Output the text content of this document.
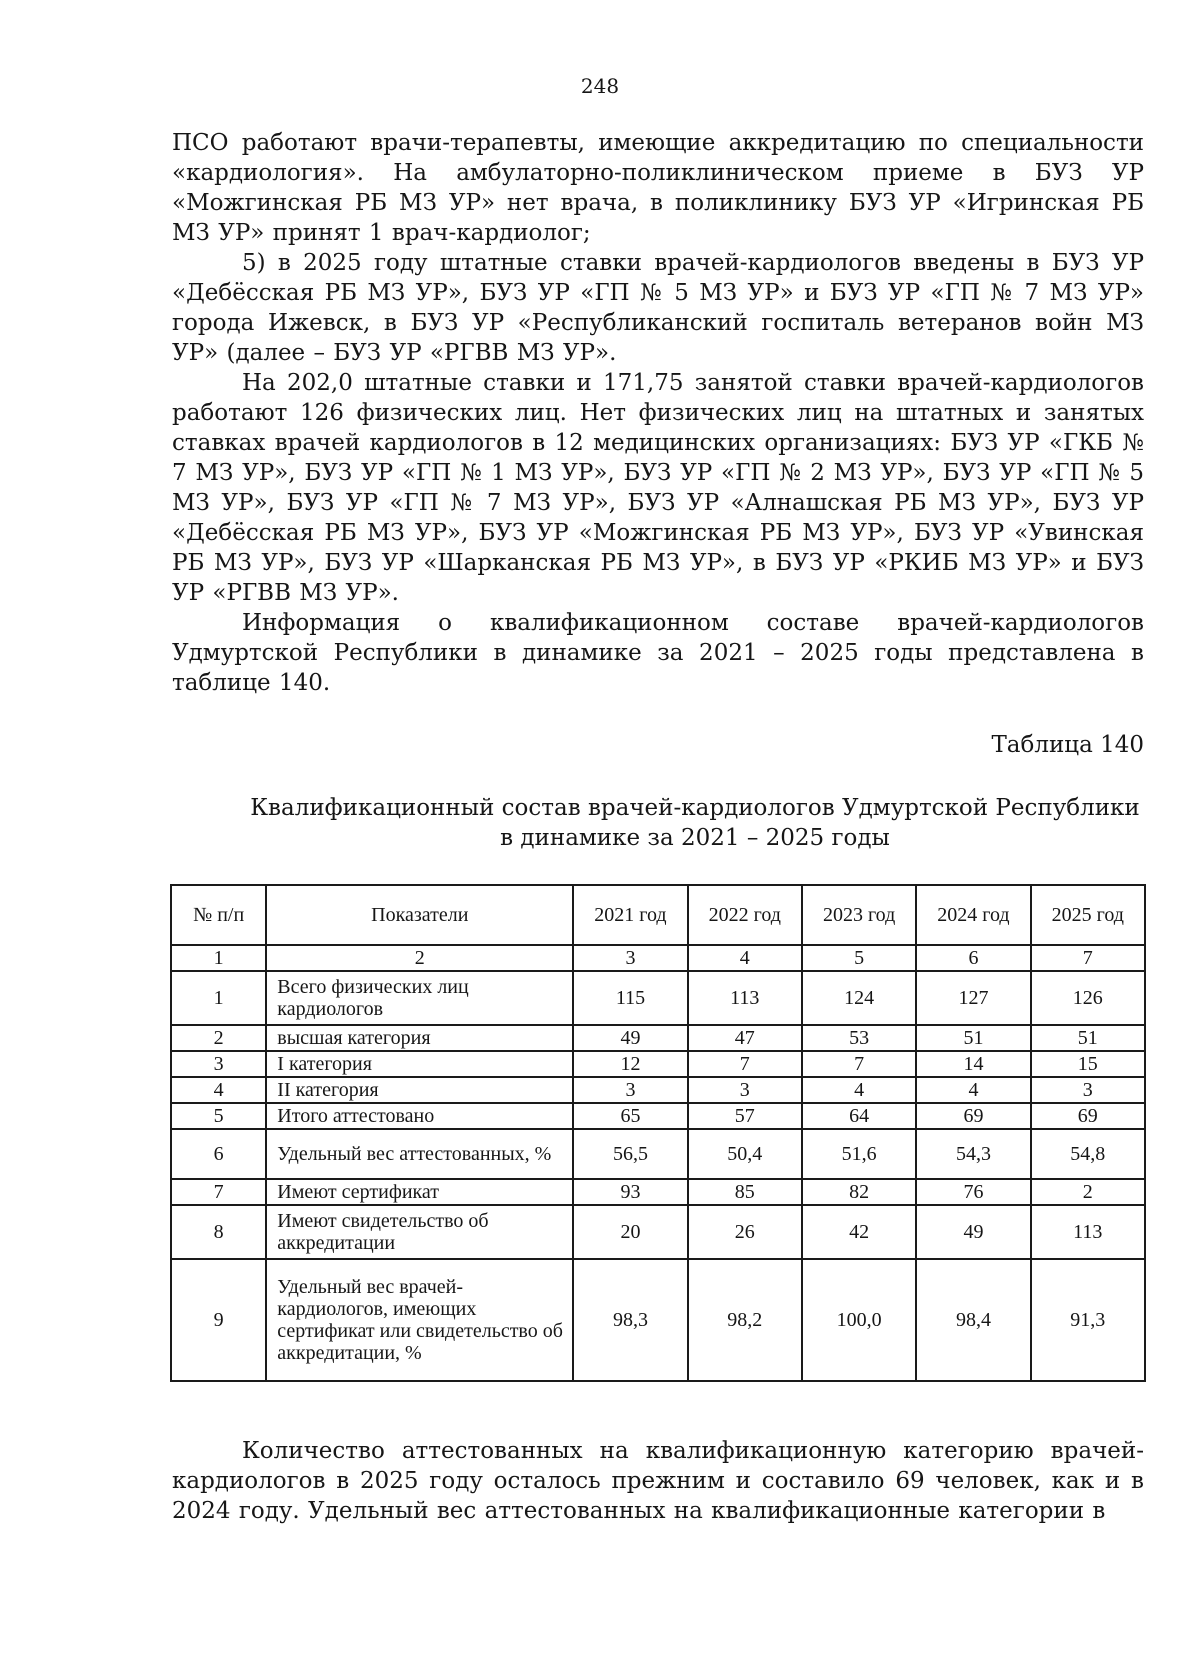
248

ПСО работают врачи-терапевты, имеющие аккредитацию по специальности «кардиология». На амбулаторно-поликлиническом приеме в БУЗ УР «Можгинская РБ МЗ УР» нет врача, в поликлинику БУЗ УР «Игринская РБ МЗ УР» принят 1 врач-кардиолог;

5) в 2025 году штатные ставки врачей-кардиологов введены в БУЗ УР «Дебёсская РБ МЗ УР», БУЗ УР «ГП № 5 МЗ УР» и БУЗ УР «ГП № 7 МЗ УР» города Ижевск, в БУЗ УР «Республиканский госпиталь ветеранов войн МЗ УР» (далее – БУЗ УР «РГВВ МЗ УР».

На 202,0 штатные ставки и 171,75 занятой ставки врачей-кардиологов работают 126 физических лиц. Нет физических лиц на штатных и занятых ставках врачей кардиологов в 12 медицинских организациях: БУЗ УР «ГКБ № 7 МЗ УР», БУЗ УР «ГП № 1 МЗ УР», БУЗ УР «ГП № 2 МЗ УР», БУЗ УР «ГП № 5 МЗ УР», БУЗ УР «ГП № 7 МЗ УР», БУЗ УР «Алнашская РБ МЗ УР», БУЗ УР «Дебёсская РБ МЗ УР», БУЗ УР «Можгинская РБ МЗ УР», БУЗ УР «Увинская РБ МЗ УР», БУЗ УР «Шарканская РБ МЗ УР», в БУЗ УР «РКИБ МЗ УР» и БУЗ УР «РГВВ МЗ УР».

Информация о квалификационном составе врачей-кардиологов Удмуртской Республики в динамике за 2021 – 2025 годы представлена в таблице 140.

Таблица 140
Квалификационный состав врачей-кардиологов Удмуртской Республики
в динамике за 2021 – 2025 годы
№ п/п	Показатели	2021 год	2022 год	2023 год	2024 год	2025 год
1	2	3	4	5	6	7
1	Всего физических лиц кардиологов	115	113	124	127	126
2	высшая категория	49	47	53	51	51
3	I категория	12	7	7	14	15
4	II категория	3	3	4	4	3
5	Итого аттестовано	65	57	64	69	69
6	Удельный вес аттестованных, %	56,5	50,4	51,6	54,3	54,8
7	Имеют сертификат	93	85	82	76	2
8	Имеют свидетельство об аккредитации	20	26	42	49	113
9	Удельный вес врачей-кардиологов, имеющих сертификат или свидетельство об аккредитации, %	98,3	98,2	100,0	98,4	91,3

Количество аттестованных на квалификационную категорию врачей-кардиологов в 2025 году осталось прежним и составило 69 человек, как и в 2024 году. Удельный вес аттестованных на квалификационные категории в
